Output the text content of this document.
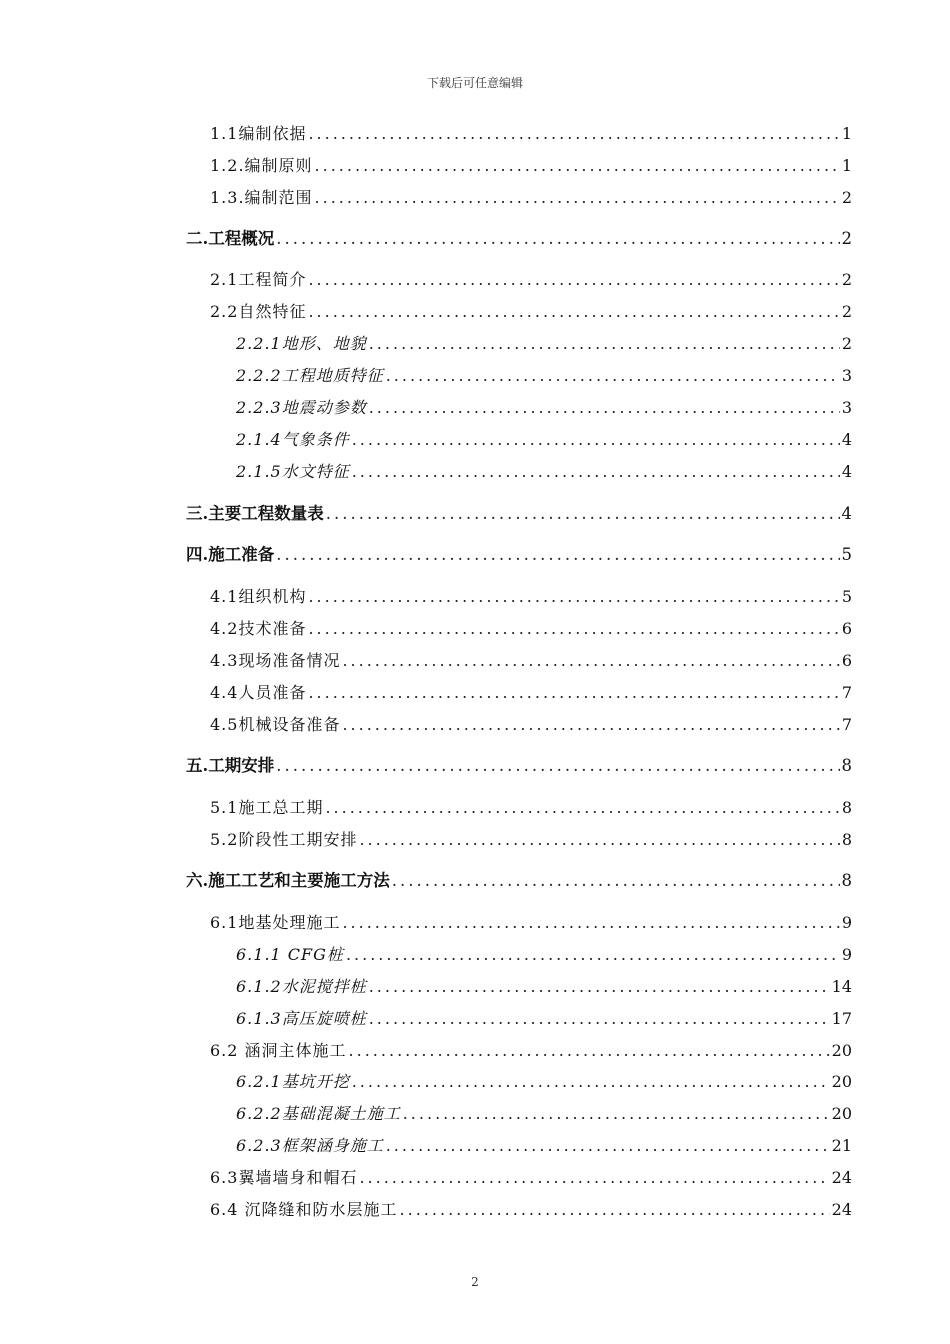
下载后可任意编辑
1.1编制依据 .....	1
1.2.编制原则 .....	1
1.3.编制范围 .....	2
二.工程概况 .....	2
2.1工程简介 .....	2
2.2自然特征 .....	2
2.2.1地形、地貌 .....	2
2.2.2工程地质特征 .....	3
2.2.3地震动参数 .....	3
2.1.4气象条件 .....	4
2.1.5水文特征 .....	4
三.主要工程数量表 .....	4
四.施工准备 .....	5
4.1组织机构 .....	5
4.2技术准备 .....	6
4.3现场准备情况 .....	6
4.4人员准备 .....	7
4.5机械设备准备 .....	7
五.工期安排 .....	8
5.1施工总工期 .....	8
5.2阶段性工期安排 .....	8
六.施工工艺和主要施工方法 .....	8
6.1地基处理施工 .....	9
6.1.1 CFG桩 .....	9
6.1.2水泥搅拌桩 .....	14
6.1.3高压旋喷桩 .....	17
6.2 涵洞主体施工 .....	20
6.2.1基坑开挖 .....	20
6.2.2基础混凝土施工 .....	20
6.2.3框架涵身施工 .....	21
6.3翼墙墙身和帽石 .....	24
6.4 沉降缝和防水层施工 .....	24
2
